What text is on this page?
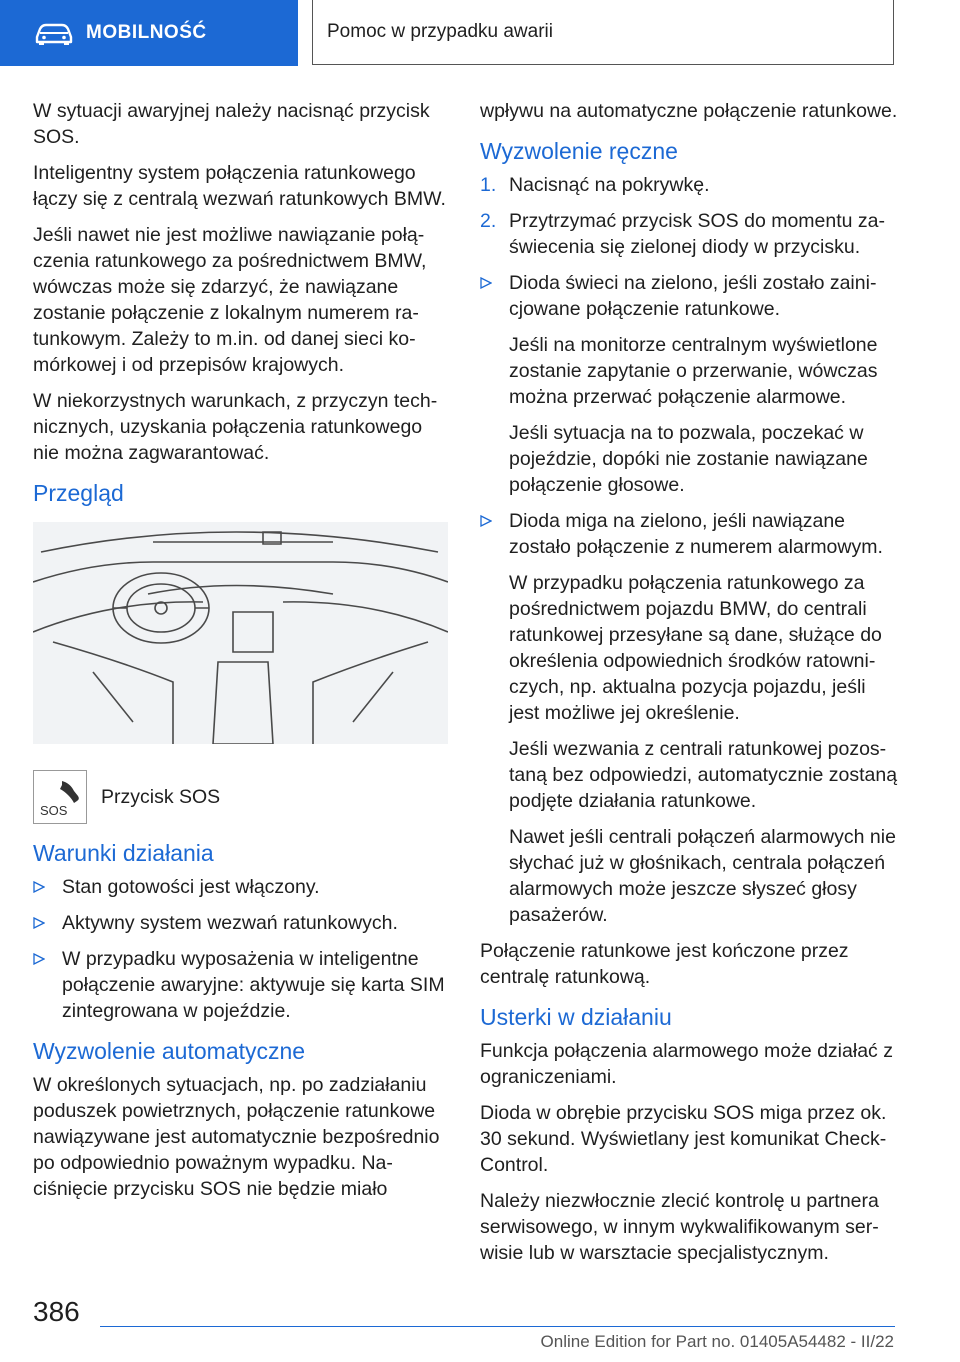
MOBILNOŚĆ	Pomoc w przypadku awarii

W sytuacji awaryjnej należy nacisnąć przycisk SOS.

Inteligentny system połączenia ratunkowego łączy się z centralą wezwań ratunkowych BMW.

Jeśli nawet nie jest możliwe nawiązanie połączenia ratunkowego za pośrednictwem BMW, wówczas może się zdarzyć, że nawiązane zostanie połączenie z lokalnym numerem ratunkowym. Zależy to m.in. od danej sieci komórkowej i od przepisów krajowych.

W niekorzystnych warunkach, z przyczyn technicznych, uzyskania połączenia ratunkowego nie można zagwarantować.

Przegląd
SOS
Przycisk SOS
Warunki działania
Stan gotowości jest włączony.
Aktywny system wezwań ratunkowych.
W przypadku wyposażenia w inteligentne połączenie awaryjne: aktywuje się karta SIM zintegrowana w pojeździe.
Wyzwolenie automatyczne

W określonych sytuacjach, np. po zadziałaniu poduszek powietrznych, połączenie ratunkowe nawiązywane jest automatycznie bezpośrednio po odpowiednio poważnym wypadku. Naciśnięcie przycisku SOS nie będzie miało

wpływu na automatyczne połączenie ratunkowe.

Wyzwolenie ręczne
1. Nacisnąć na pokrywkę.
2. Przytrzymać przycisk SOS do momentu zaświecenia się zielonej diody w przycisku.
Dioda świeci na zielono, jeśli zostało zainicjowane połączenie ratunkowe.

Jeśli na monitorze centralnym wyświetlone zostanie zapytanie o przerwanie, wówczas można przerwać połączenie alarmowe.

Jeśli sytuacja na to pozwala, poczekać w pojeździe, dopóki nie zostanie nawiązane połączenie głosowe.

Dioda miga na zielono, jeśli nawiązane zostało połączenie z numerem alarmowym.

W przypadku połączenia ratunkowego za pośrednictwem pojazdu BMW, do centrali ratunkowej przesyłane są dane, służące do określenia odpowiednich środków ratowniczych, np. aktualna pozycja pojazdu, jeśli jest możliwe jej określenie.

Jeśli wezwania z centrali ratunkowej pozostaną bez odpowiedzi, automatycznie zostaną podjęte działania ratunkowe.

Nawet jeśli centrali połączeń alarmowych nie słychać już w głośnikach, centrala połączeń alarmowych może jeszcze słyszeć głosy pasażerów.

Połączenie ratunkowe jest kończone przez centralę ratunkową.

Usterki w działaniu

Funkcja połączenia alarmowego może działać z ograniczeniami.

Dioda w obrębie przycisku SOS miga przez ok. 30 sekund. Wyświetlany jest komunikat Check-Control.

Należy niezwłocznie zlecić kontrolę u partnera serwisowego, w innym wykwalifikowanym serwisie lub w warsztacie specjalistycznym.

386
Online Edition for Part no. 01405A54482 - II/22
